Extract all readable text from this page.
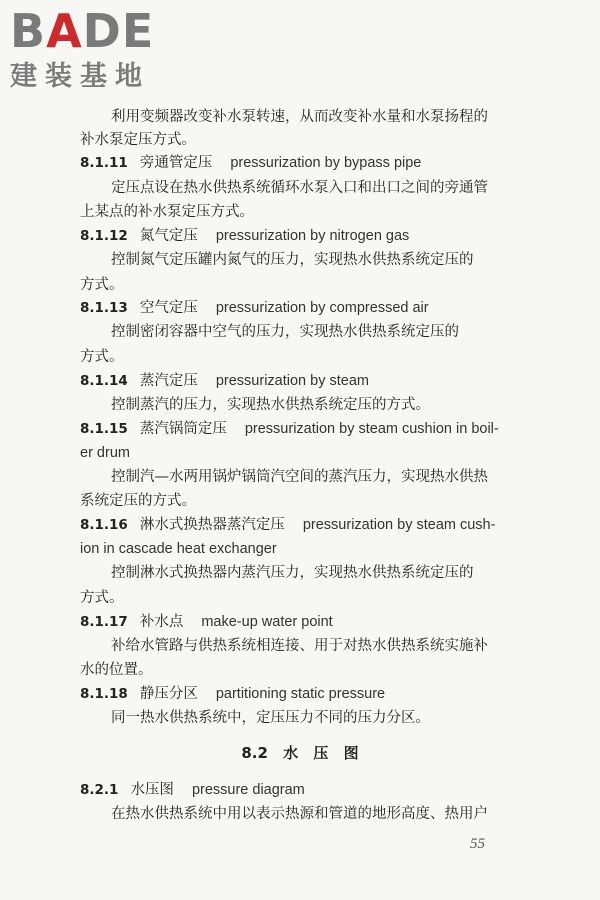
BADE
建装基地
利用变频器改变补水泵转速，从而改变补水量和水泵扬程的
补水泵定压方式。
8.1.11 旁通管定压 pressurization by bypass pipe
定压点设在热水供热系统循环水泵入口和出口之间的旁通管
上某点的补水泵定压方式。
8.1.12 氮气定压 pressurization by nitrogen gas
控制氮气定压罐内氮气的压力，实现热水供热系统定压的
方式。
8.1.13 空气定压 pressurization by compressed air
控制密闭容器中空气的压力，实现热水供热系统定压的
方式。
8.1.14 蒸汽定压 pressurization by steam
控制蒸汽的压力，实现热水供热系统定压的方式。
8.1.15 蒸汽锅筒定压 pressurization by steam cushion in boil-
er drum
控制汽—水两用锅炉锅筒汽空间的蒸汽压力，实现热水供热
系统定压的方式。
8.1.16 淋水式换热器蒸汽定压 pressurization by steam cush-
ion in cascade heat exchanger
控制淋水式换热器内蒸汽压力，实现热水供热系统定压的
方式。
8.1.17 补水点 make-up water point
补给水管路与供热系统相连接、用于对热水供热系统实施补
水的位置。
8.1.18 静压分区 partitioning static pressure
同一热水供热系统中，定压压力不同的压力分区。
8.2 水 压 图
8.2.1 水压图 pressure diagram
在热水供热系统中用以表示热源和管道的地形高度、热用户
55
